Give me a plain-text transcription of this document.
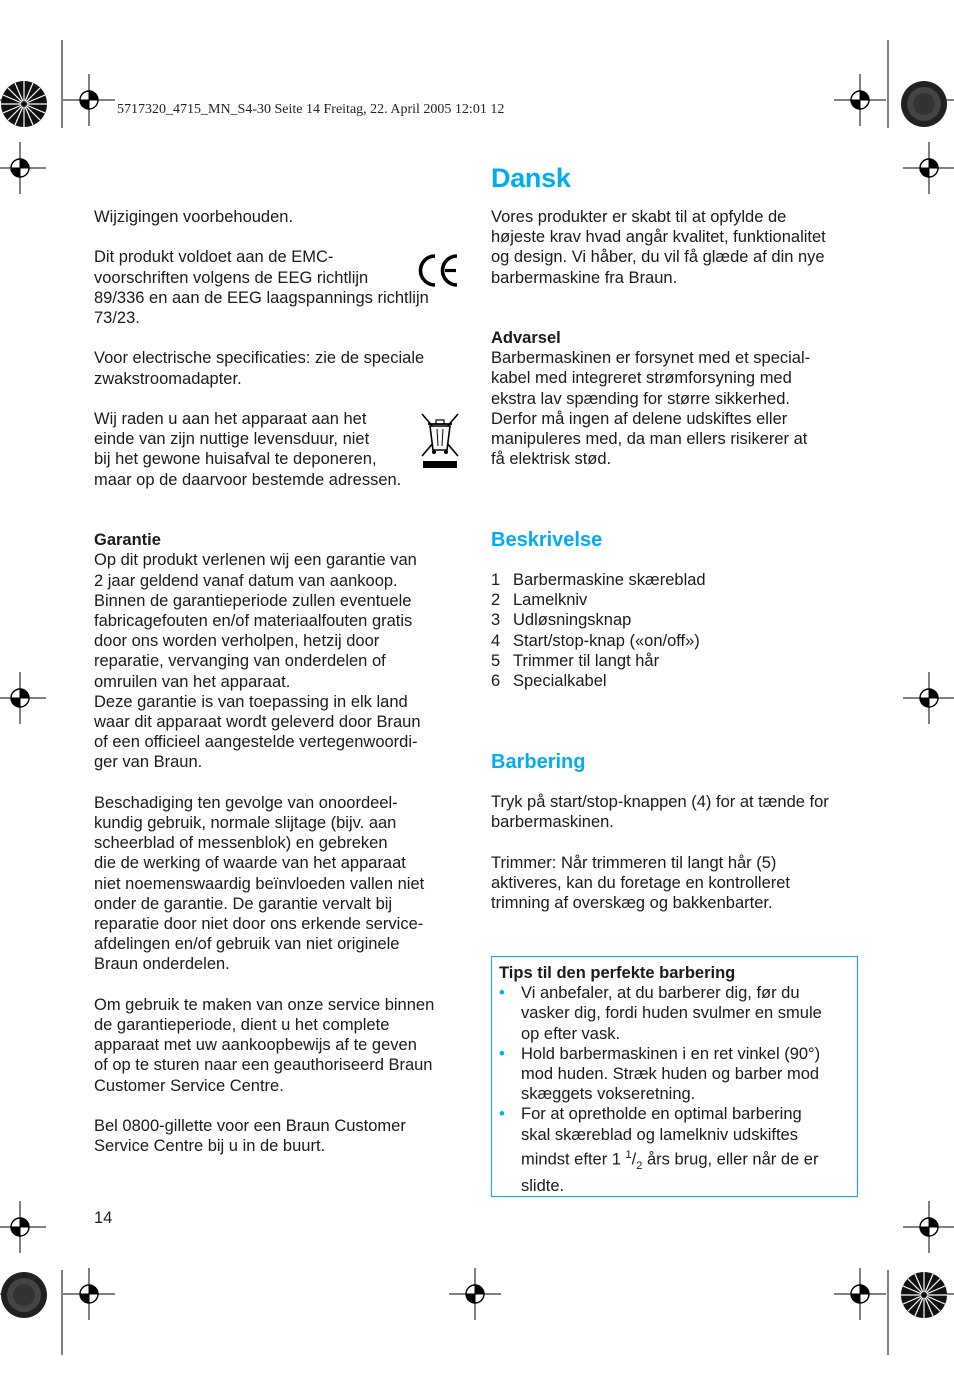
5717320_4715_MN_S4-30 Seite 14 Freitag, 22. April 2005 12:01 12

Wijzigingen voorbehouden.

Dit produkt voldoet aan de EMC-

voorschriften volgens de EEG richtlijn

89/336 en aan de EEG laagspannings richtlijn

73/23.

Voor electrische specificaties: zie de speciale

zwakstroomadapter.

Wij raden u aan het apparaat aan het

einde van zijn nuttige levensduur, niet

bij het gewone huisafval te deponeren,

maar op de daarvoor bestemde adressen.

Garantie

Op dit produkt verlenen wij een garantie van

2 jaar geldend vanaf datum van aankoop.

Binnen de garantieperiode zullen eventuele

fabricagefouten en/of materiaalfouten gratis

door ons worden verholpen, hetzij door

reparatie, vervanging van onderdelen of

omruilen van het apparaat.

Deze garantie is van toepassing in elk land

waar dit apparaat wordt geleverd door Braun

of een officieel aangestelde vertegenwoordi-

ger van Braun.

Beschadiging ten gevolge van onoordeel-

kundig gebruik, normale slijtage (bijv. aan

scheerblad of messenblok) en gebreken

die de werking of waarde van het apparaat

niet noemenswaardig beïnvloeden vallen niet

onder de garantie. De garantie vervalt bij

reparatie door niet door ons erkende service-

afdelingen en/of gebruik van niet originele

Braun onderdelen.

Om gebruik te maken van onze service binnen

de garantieperiode, dient u het complete

apparaat met uw aankoopbewijs af te geven

of op te sturen naar een geauthoriseerd Braun

Customer Service Centre.

Bel 0800-gillette voor een Braun Customer

Service Centre bij u in de buurt.

Dansk

Vores produkter er skabt til at opfylde de

højeste krav hvad angår kvalitet, funktionalitet

og design. Vi håber, du vil få glæde af din nye

barbermaskine fra Braun.

Advarsel

Barbermaskinen er forsynet med et special-

kabel med integreret strømforsyning med

ekstra lav spænding for større sikkerhed.

Derfor må ingen af delene udskiftes eller

manipuleres med, da man ellers risikerer at

få elektrisk stød.

Beskrivelse
1 Barbermaskine skæreblad
2 Lamelkniv
3 Udløsningsknap
4 Start/stop-knap («on/off»)
5 Trimmer til langt hår
6 Specialkabel
Barbering

Tryk på start/stop-knappen (4) for at tænde for

barbermaskinen.

Trimmer: Når trimmeren til langt hår (5)

aktiveres, kan du foretage en kontrolleret

trimning af overskæg og bakkenbarter.

Tips til den perfekte barbering

• Vi anbefaler, at du barberer dig, før du

vasker dig, fordi huden svulmer en smule

op efter vask.

• Hold barbermaskinen i en ret vinkel (90°)

mod huden. Stræk huden og barber mod

skæggets vokseretning.

• For at opretholde en optimal barbering

skal skæreblad og lamelkniv udskiftes

mindst efter 1 $^1/_2$ års brug, eller når de er

slidte.

14
